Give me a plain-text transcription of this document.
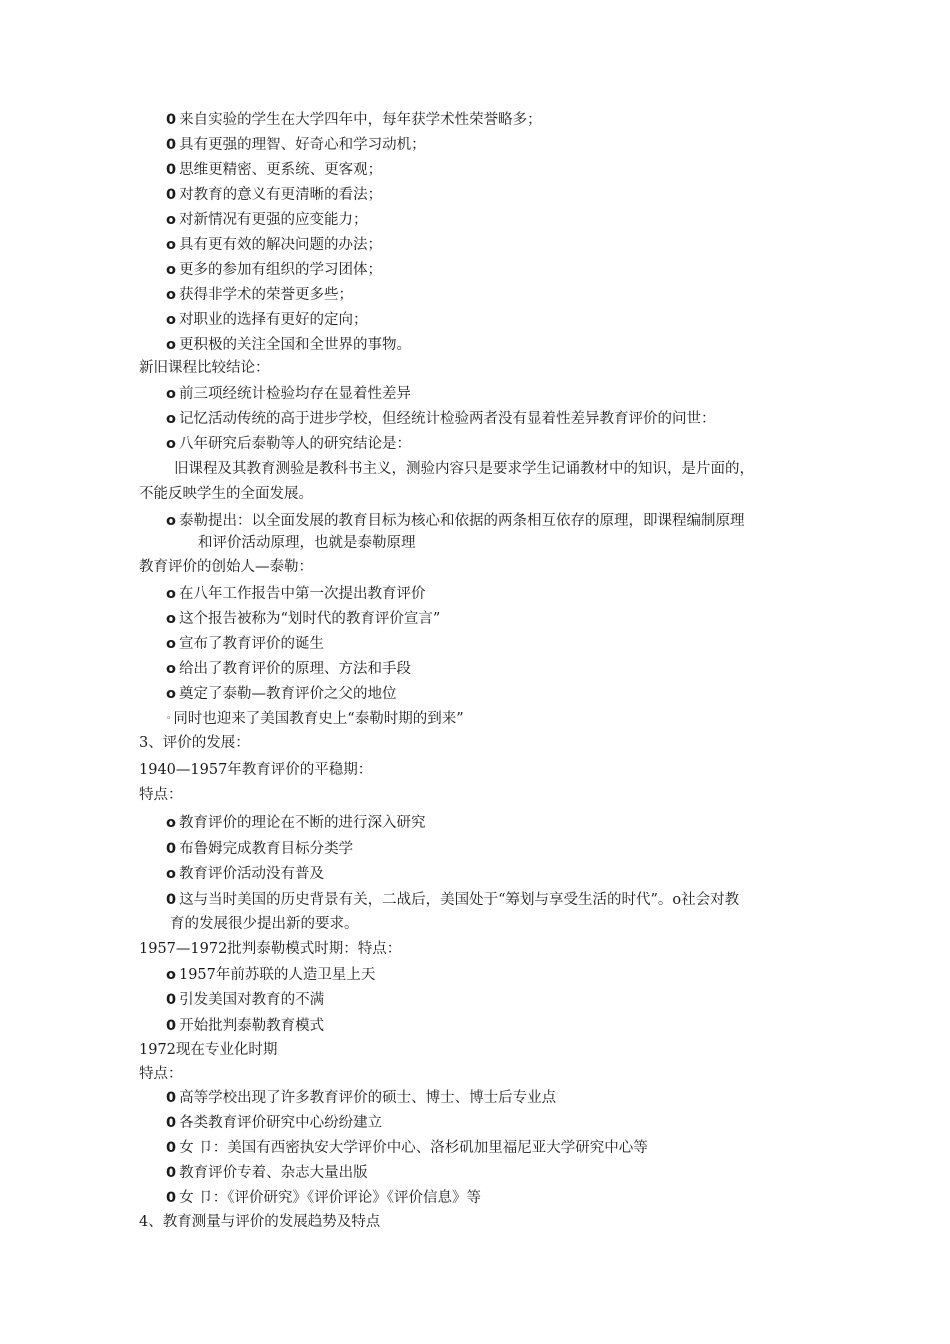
0 来自实验的学生在大学四年中，每年获学术性荣誉略多；
0 具有更强的理智、好奇心和学习动机；
0 思维更精密、更系统、更客观；
0 对教育的意义有更清晰的看法；
o 对新情况有更强的应变能力；
o 具有更有效的解决问题的办法；
o 更多的参加有组织的学习团体；
o 获得非学术的荣誉更多些；
o 对职业的选择有更好的定向；
o 更积极的关注全国和全世界的事物。
新旧课程比较结论：
o 前三项经统计检验均存在显着性差异
o 记忆活动传统的高于进步学校，但经统计检验两者没有显着性差异教育评价的问世：
o 八年研究后泰勒等人的研究结论是：
旧课程及其教育测验是教科书主义，测验内容只是要求学生记诵教材中的知识，是片面的，
不能反映学生的全面发展。
o 泰勒提出：以全面发展的教育目标为核心和依据的两条相互依存的原理，即课程编制原理
和评价活动原理，也就是泰勒原理
教育评价的创始人—泰勒：
o 在八年工作报告中第一次提出教育评价
o 这个报告被称为“划时代的教育评价宣言”
o 宣布了教育评价的诞生
o 给出了教育评价的原理、方法和手段
o 奠定了泰勒—教育评价之父的地位
◦ 同时也迎来了美国教育史上“泰勒时期的到来”
3、评价的发展：
1940—1957年教育评价的平稳期：
特点：
o 教育评价的理论在不断的进行深入研究
0 布鲁姆完成教育目标分类学
o 教育评价活动没有普及
0 这与当时美国的历史背景有关，二战后，美国处于“筹划与享受生活的时代”。o社会对教
育的发展很少提出新的要求。
1957—1972批判泰勒模式时期：特点：
o 1957年前苏联的人造卫星上天
0 引发美国对教育的不满
0 开始批判泰勒教育模式
1972现在专业化时期
特点：
0 高等学校出现了许多教育评价的硕士、博士、博士后专业点
0 各类教育评价研究中心纷纷建立
0 女 卩：美国有西密执安大学评价中心、洛杉矶加里福尼亚大学研究中心等
0 教育评价专着、杂志大量出版
0 女 卩：《评价研究》《评价评论》《评价信息》等
4、教育测量与评价的发展趋势及特点
